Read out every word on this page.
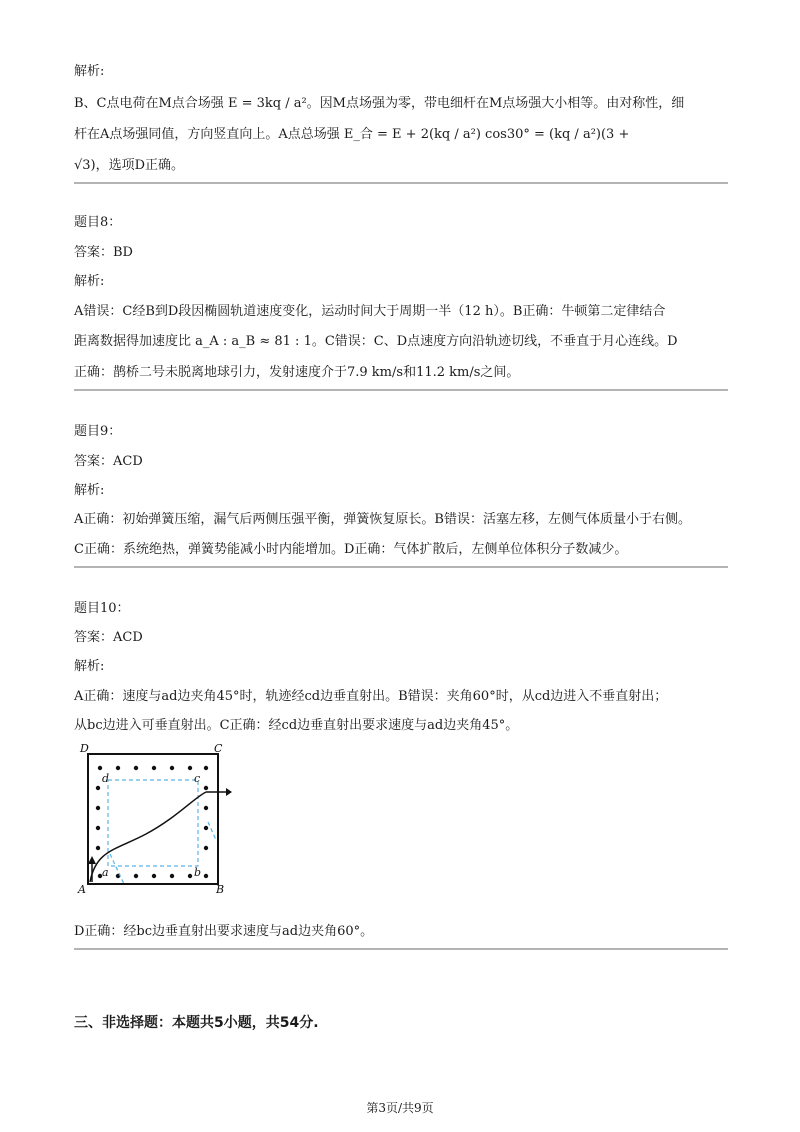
解析:
B、C点电荷在M点合场强 E = 3kq / a²。因M点场强为零，带电细杆在M点场强大小相等。由对称性，细
杆在A点场强同值，方向竖直向上。A点总场强 E_合 = E + 2(kq / a²) cos30° = (kq / a²)(3 +
√3)，选项D正确。
题目8：
答案：BD
解析:
A错误：C经B到D段因椭圆轨道速度变化，运动时间大于周期一半（12 h）。B正确：牛顿第二定律结合
距离数据得加速度比 a_A : a_B ≈ 81 : 1。C错误：C、D点速度方向沿轨迹切线，不垂直于月心连线。D
正确：鹊桥二号未脱离地球引力，发射速度介于7.9 km/s和11.2 km/s之间。
题目9：
答案：ACD
解析:
A正确：初始弹簧压缩，漏气后两侧压强平衡，弹簧恢复原长。B错误：活塞左移，左侧气体质量小于右侧。
C正确：系统绝热，弹簧势能减小时内能增加。D正确：气体扩散后，左侧单位体积分子数减少。
题目10：
答案：ACD
解析:
A正确：速度与ad边夹角45°时，轨迹经cd边垂直射出。B错误：夹角60°时，从cd边进入不垂直射出；
从bc边进入可垂直射出。C正确：经cd边垂直射出要求速度与ad边夹角45°。
D	C
A	B
a	b
c
d
D正确：经bc边垂直射出要求速度与ad边夹角60°。
三、非选择题：本题共5小题，共54分.
第3页/共9页
